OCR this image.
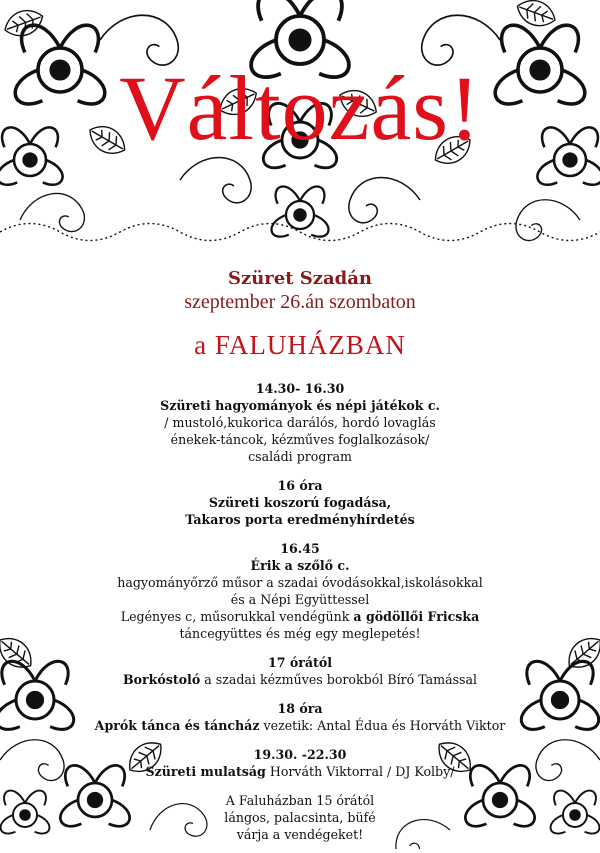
Változás!
Szüret Szadán
szeptember 26.án szombaton
a FALUHÁZBAN
14.30- 16.30
Szüreti hagyományok és népi játékok c.
/ mustoló,kukorica darálós, hordó lovaglás
énekek-táncok, kézműves foglalkozások/
családi program
16 óra
Szüreti koszorú fogadása,
Takaros porta eredményhírdetés
16.45
Érik a szőlő c.
hagyományőrző műsor a szadai óvodásokkal,iskolásokkal
és a Népi Együttessel
Legényes c, műsorukkal vendégünk a gödöllői Fricska
táncegyüttes és még egy meglepetés!
17 órától
Borkóstoló a szadai kézműves borokból Bíró Tamással
18 óra
Aprók tánca és táncház vezetik: Antal Édua és Horváth Viktor
19.30. -22.30
Szüreti mulatság Horváth Viktorral / DJ Kolby/
A Faluházban 15 órától
lángos, palacsinta, büfé
várja a vendégeket!
